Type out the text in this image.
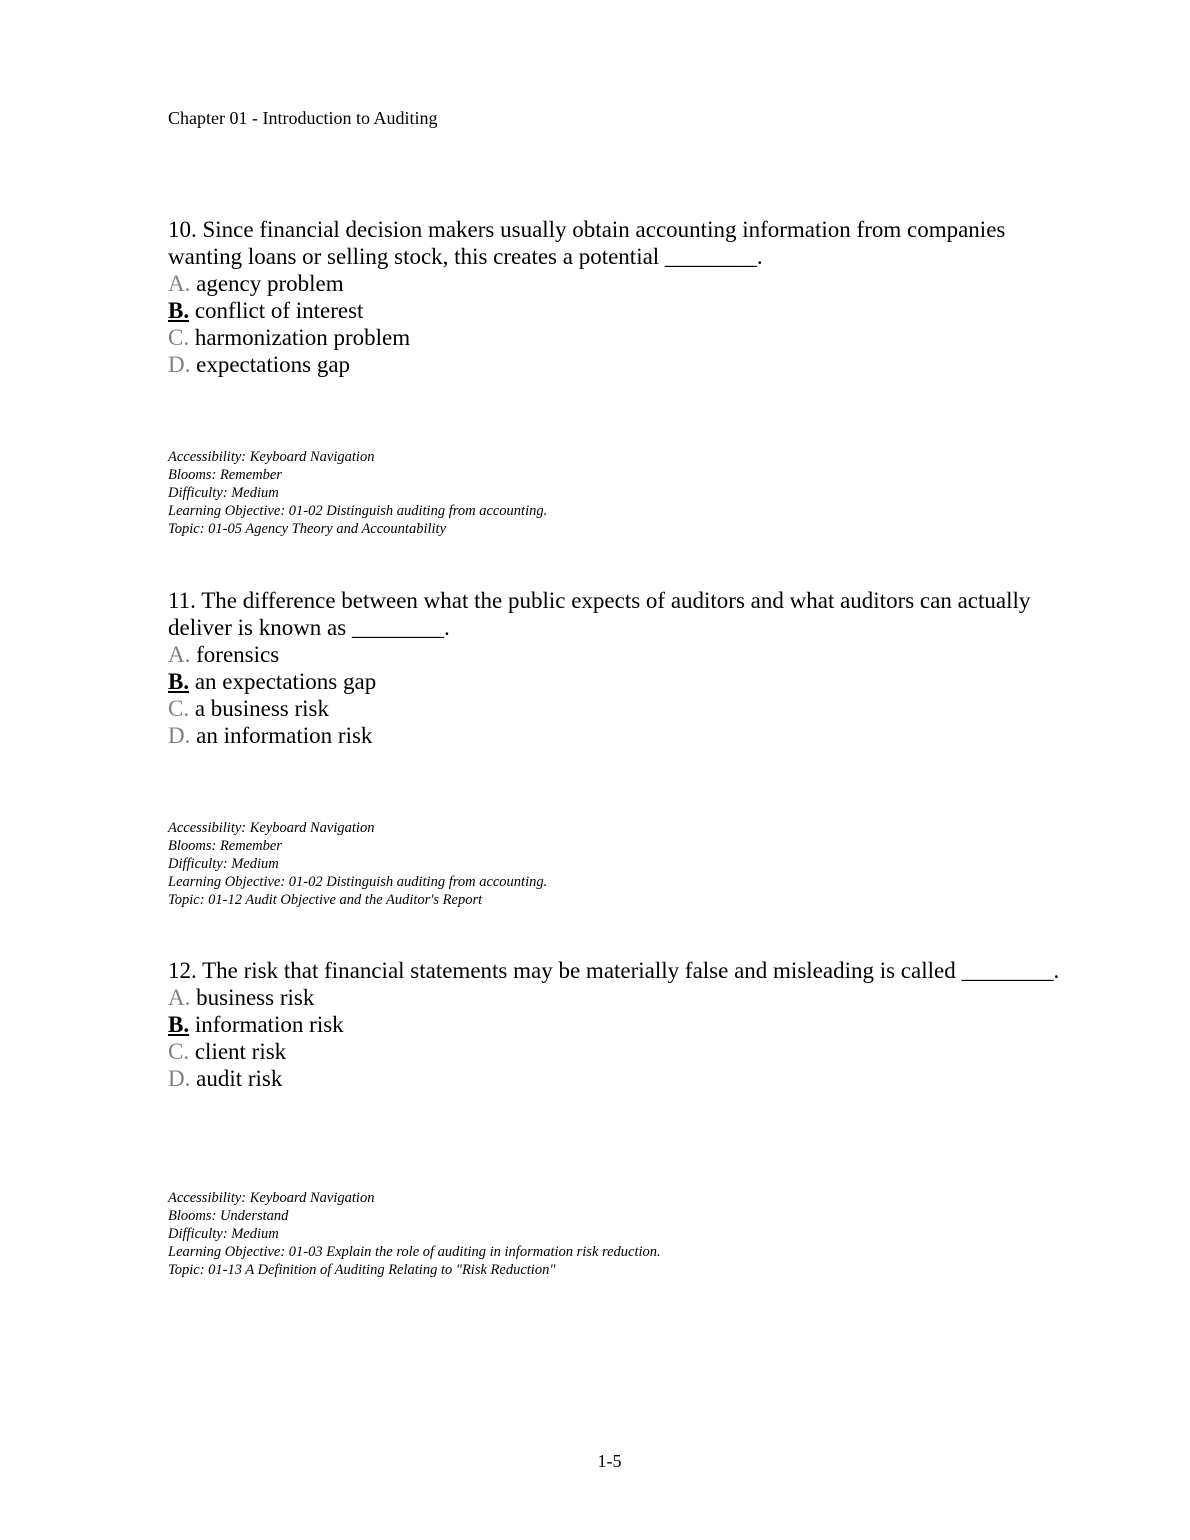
Chapter 01 - Introduction to Auditing

10. Since financial decision makers usually obtain accounting information from companies wanting loans or selling stock, this creates a potential ________.

A. agency problem
B. conflict of interest
C. harmonization problem
D. expectations gap
Accessibility: Keyboard Navigation
Blooms: Remember
Difficulty: Medium
Learning Objective: 01-02 Distinguish auditing from accounting.
Topic: 01-05 Agency Theory and Accountability

11. The difference between what the public expects of auditors and what auditors can actually deliver is known as ________.

A. forensics
B. an expectations gap
C. a business risk
D. an information risk
Accessibility: Keyboard Navigation
Blooms: Remember
Difficulty: Medium
Learning Objective: 01-02 Distinguish auditing from accounting.
Topic: 01-12 Audit Objective and the Auditor's Report

12. The risk that financial statements may be materially false and misleading is called ________.

A. business risk
B. information risk
C. client risk
D. audit risk
Accessibility: Keyboard Navigation
Blooms: Understand
Difficulty: Medium
Learning Objective: 01-03 Explain the role of auditing in information risk reduction.
Topic: 01-13 A Definition of Auditing Relating to "Risk Reduction"
1-5
